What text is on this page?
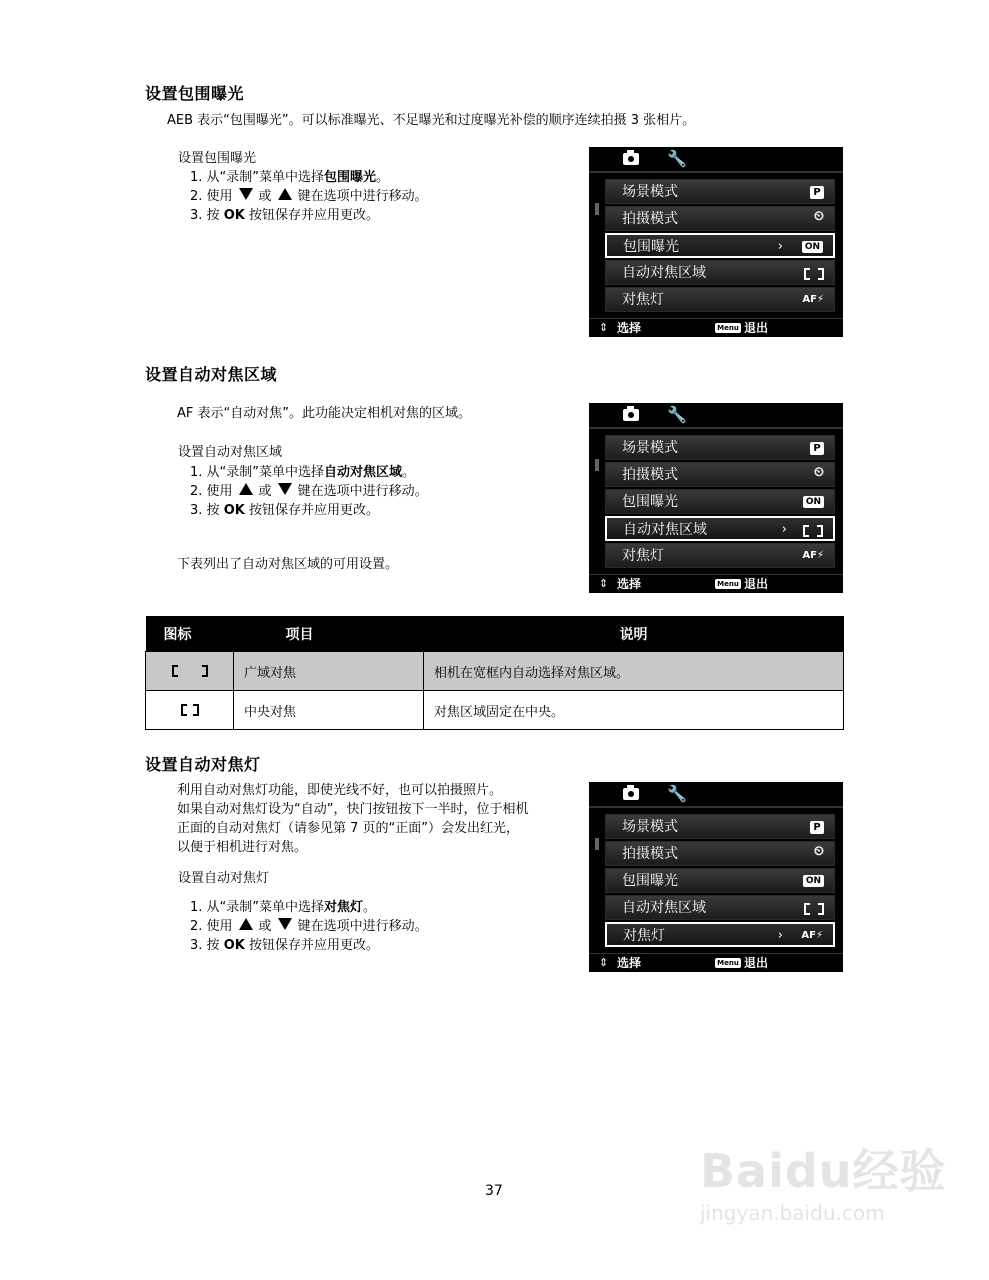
设置包围曝光
AEB 表示“包围曝光”。可以标准曝光、不足曝光和过度曝光补偿的顺序连续拍摄 3 张相片。
设置包围曝光
1. 从“录制”菜单中选择包围曝光。
2. 使用 或 键在选项中进行移动。
3. 按 OK 按钮保存并应用更改。
🔧
场景模式	P
拍摄模式	⏲
包围曝光	›	ON
自动对焦区域
对焦灯	AF⚡
⇕ 选择	Menu 退出
设置自动对焦区域
AF 表示“自动对焦”。此功能决定相机对焦的区域。
设置自动对焦区域
1. 从“录制”菜单中选择自动对焦区域。
2. 使用 或 键在选项中进行移动。
3. 按 OK 按钮保存并应用更改。
下表列出了自动对焦区域的可用设置。
🔧
场景模式	P
拍摄模式	⏲
包围曝光	ON
自动对焦区域	›
对焦灯	AF⚡
⇕ 选择	Menu 退出
图标	项目	说明

	广域对焦	相机在宽框内自动选择对焦区域。

	中央对焦	对焦区域固定在中央。
设置自动对焦灯
利用自动对焦灯功能，即使光线不好，也可以拍摄照片。
如果自动对焦灯设为“自动”，快门按钮按下一半时，位于相机
正面的自动对焦灯（请参见第 7 页的“正面”）会发出红光，
以便于相机进行对焦。
设置自动对焦灯
1. 从“录制”菜单中选择对焦灯。
2. 使用 或 键在选项中进行移动。
3. 按 OK 按钮保存并应用更改。
🔧
场景模式	P
拍摄模式	⏲
包围曝光	ON
自动对焦区域
对焦灯	› AF⚡
⇕ 选择	Menu 退出
37	Baidu经验
jingyan.baidu.com
